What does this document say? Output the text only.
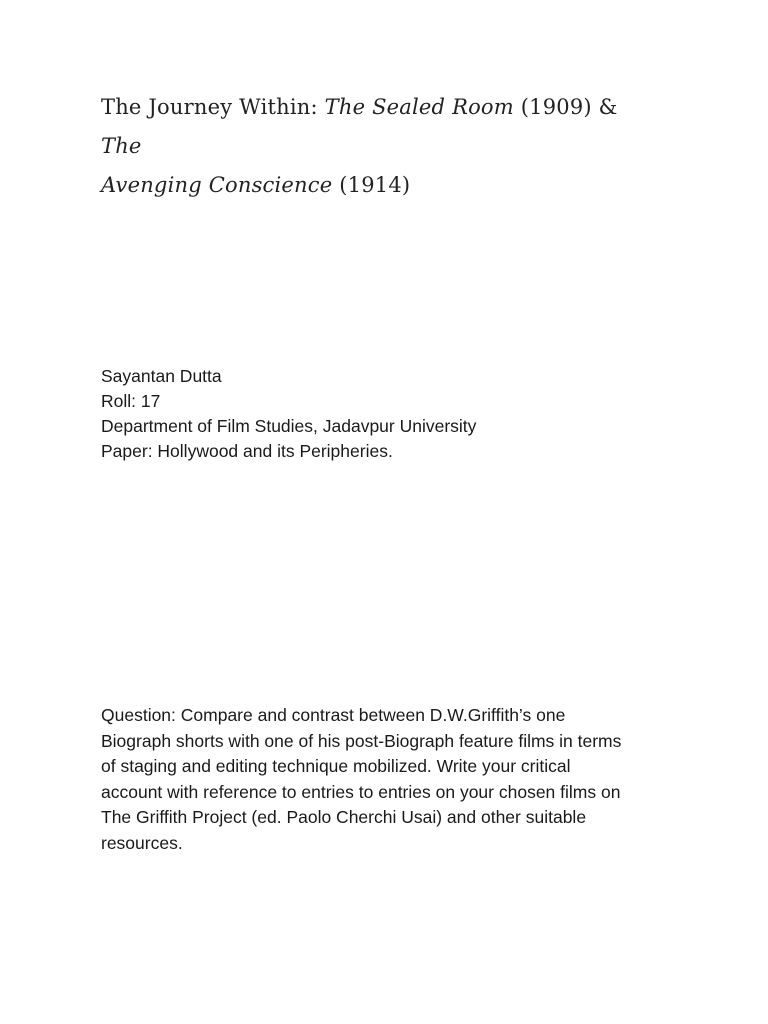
The Journey Within: The Sealed Room (1909) & The
Avenging Conscience (1914)
Sayantan Dutta
Roll: 17
Department of Film Studies, Jadavpur University
Paper: Hollywood and its Peripheries.

Question: Compare and contrast between D.W.Griffith’s one
Biograph shorts with one of his post-Biograph feature films in terms
of staging and editing technique mobilized. Write your critical
account with reference to entries to entries on your chosen films on
The Griffith Project (ed. Paolo Cherchi Usai) and other suitable
resources.
